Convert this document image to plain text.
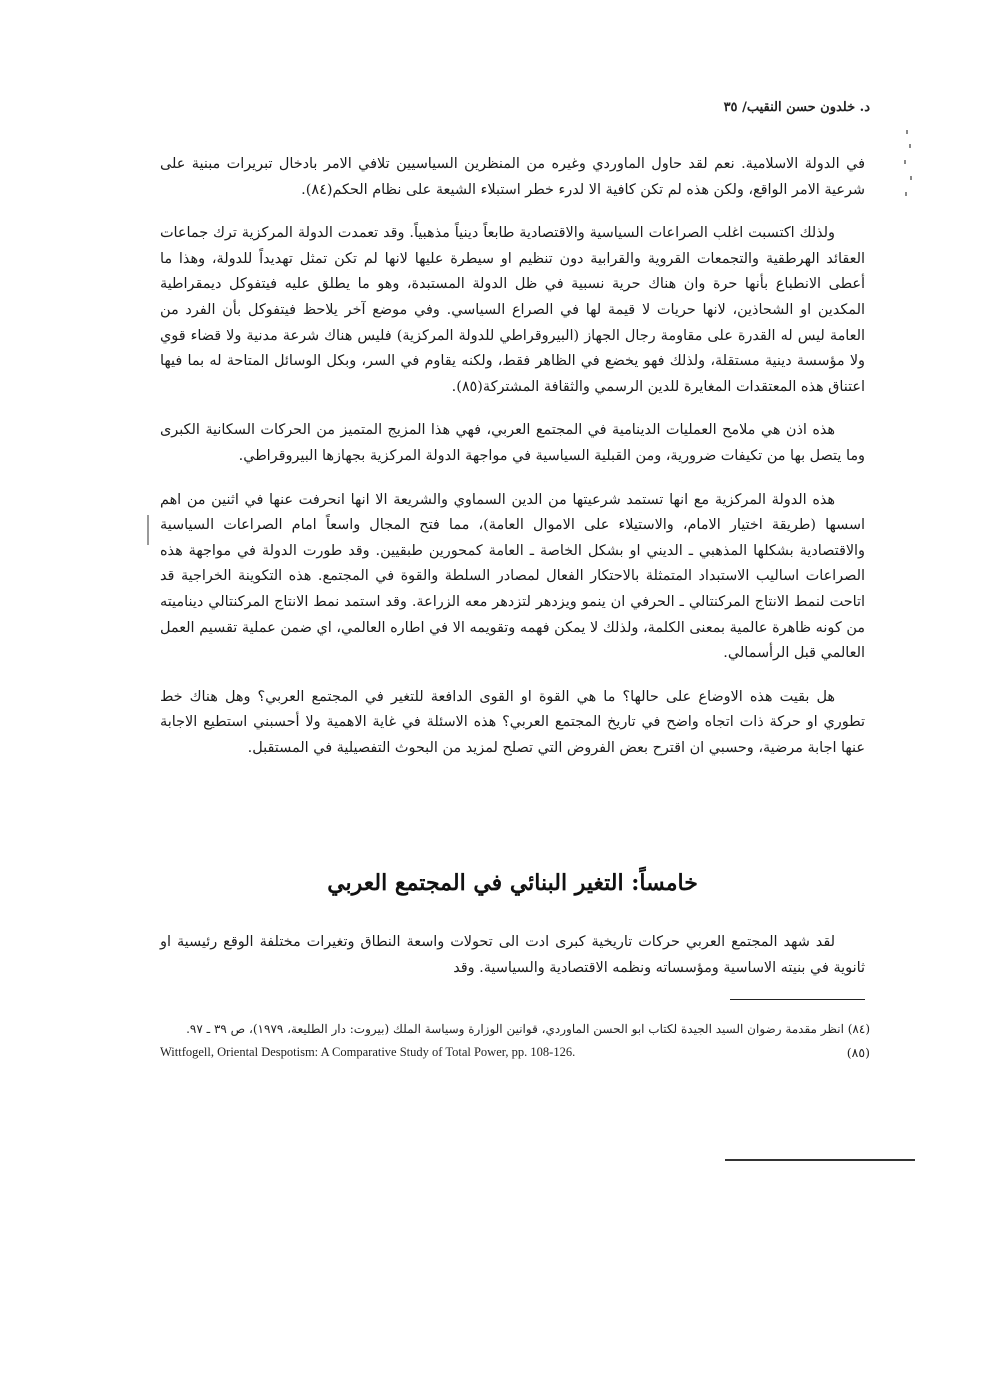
د. خلدون حسن النقيب/ ٣٥

في الدولة الاسلامية. نعم لقد حاول الماوردي وغيره من المنظرين السياسيين تلافي الامر بادخال تبريرات مبنية على شرعية الامر الواقع، ولكن هذه لم تكن كافية الا لدرء خطر استبلاء الشيعة على نظام الحكم(٨٤).

ولذلك اكتسبت اغلب الصراعات السياسية والاقتصادية طابعاً دينياً مذهبياً. وقد تعمدت الدولة المركزية ترك جماعات العقائد الهرطقية والتجمعات القروية والقرابية دون تنظيم او سيطرة عليها لانها لم تكن تمثل تهديداً للدولة، وهذا ما أعطى الانطباع بأنها حرة وان هناك حرية نسبية في ظل الدولة المستبدة، وهو ما يطلق عليه فيتفوكل ديمقراطية المكدين او الشحاذين، لانها حريات لا قيمة لها في الصراع السياسي. وفي موضع آخر يلاحظ فيتفوكل بأن الفرد من العامة ليس له القدرة على مقاومة رجال الجهاز (البيروقراطي للدولة المركزية) فليس هناك شرعة مدنية ولا قضاء قوي ولا مؤسسة دينية مستقلة، ولذلك فهو يخضع في الظاهر فقط، ولكنه يقاوم في السر، وبكل الوسائل المتاحة له بما فيها اعتناق هذه المعتقدات المغايرة للدين الرسمي والثقافة المشتركة(٨٥).

هذه اذن هي ملامح العمليات الدينامية في المجتمع العربي، فهي هذا المزيج المتميز من الحركات السكانية الكبرى وما يتصل بها من تكيفات ضرورية، ومن القبلية السياسية في مواجهة الدولة المركزية بجهازها البيروقراطي.

هذه الدولة المركزية مع انها تستمد شرعيتها من الدين السماوي والشريعة الا انها انحرفت عنها في اثنين من اهم اسسها (طريقة اختيار الامام، والاستيلاء على الاموال العامة)، مما فتح المجال واسعاً امام الصراعات السياسية والاقتصادية بشكلها المذهبي ـ الديني او بشكل الخاصة ـ العامة كمحورين طبقيين. وقد طورت الدولة في مواجهة هذه الصراعات اساليب الاستبداد المتمثلة بالاحتكار الفعال لمصادر السلطة والقوة في المجتمع. هذه التكوينة الخراجية قد اتاحت لنمط الانتاج المركنتالي ـ الحرفي ان ينمو ويزدهر لتزدهر معه الزراعة. وقد استمد نمط الانتاج المركنتالي ديناميته من كونه ظاهرة عالمية بمعنى الكلمة، ولذلك لا يمكن فهمه وتقويمه الا في اطاره العالمي، اي ضمن عملية تقسيم العمل العالمي قبل الرأسمالي.

هل بقيت هذه الاوضاع على حالها؟ ما هي القوة او القوى الدافعة للتغير في المجتمع العربي؟ وهل هناك خط تطوري او حركة ذات اتجاه واضح في تاريخ المجتمع العربي؟ هذه الاسئلة في غاية الاهمية ولا أحسبني استطيع الاجابة عنها اجابة مرضية، وحسبي ان اقترح بعض الفروض التي تصلح لمزيد من البحوث التفصيلية في المستقبل.

خامساً: التغير البنائي في المجتمع العربي

لقد شهد المجتمع العربي حركات تاريخية كبرى ادت الى تحولات واسعة النطاق وتغيرات مختلفة الوقع رئيسية او ثانوية في بنيته الاساسية ومؤسساته ونظمه الاقتصادية والسياسية. وقد

(٨٤) انظر مقدمة رضوان السيد الجيدة لكتاب ابو الحسن الماوردي، قوانين الوزارة وسياسة الملك (بيروت: دار الطليعة، ١٩٧٩)، ص ٣٩ ـ ٩٧.
Wittfogell, Oriental Despotism: A Comparative Study of Total Power, pp. 108-126.	(٨٥)
